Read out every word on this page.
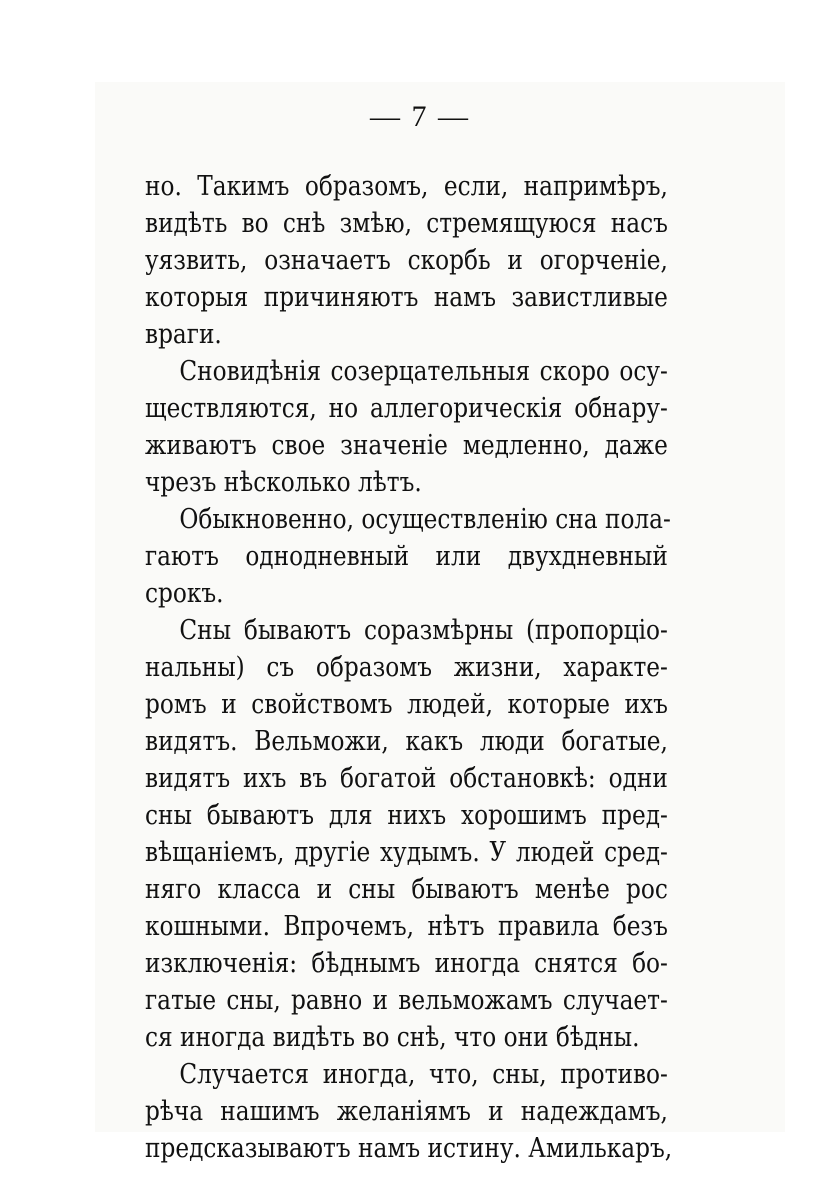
— 7 —
но. Такимъ образомъ, если, напримѣръ,
видѣть во снѣ змѣю, стремящуюся насъ
уязвить, означаетъ скорбь и огорченіе,
которыя причиняютъ намъ завистливые
враги.
Сновидѣнія созерцательныя скоро осу-
ществляются, но аллегорическія обнару-
живаютъ свое значеніе медленно, даже
чрезъ нѣсколько лѣтъ.
Обыкновенно, осуществленію сна пола-
гаютъ однодневный или двухдневный
срокъ.
Сны бываютъ соразмѣрны (пропорціо-
нальны) съ образомъ жизни, характе-
ромъ и свойствомъ людей, которые ихъ
видятъ. Вельможи, какъ люди богатые,
видятъ ихъ въ богатой обстановкѣ: одни
сны бываютъ для нихъ хорошимъ пред-
вѣщаніемъ, другіе худымъ. У людей сред-
няго класса и сны бываютъ менѣе рос
кошными. Впрочемъ, нѣтъ правила безъ
изключенія: бѣднымъ иногда снятся бо-
гатые сны, равно и вельможамъ случает-
ся иногда видѣть во снѣ, что они бѣдны.
Случается иногда, что, сны, противо-
рѣча нашимъ желаніямъ и надеждамъ,
предсказываютъ намъ истину. Амилькаръ,
